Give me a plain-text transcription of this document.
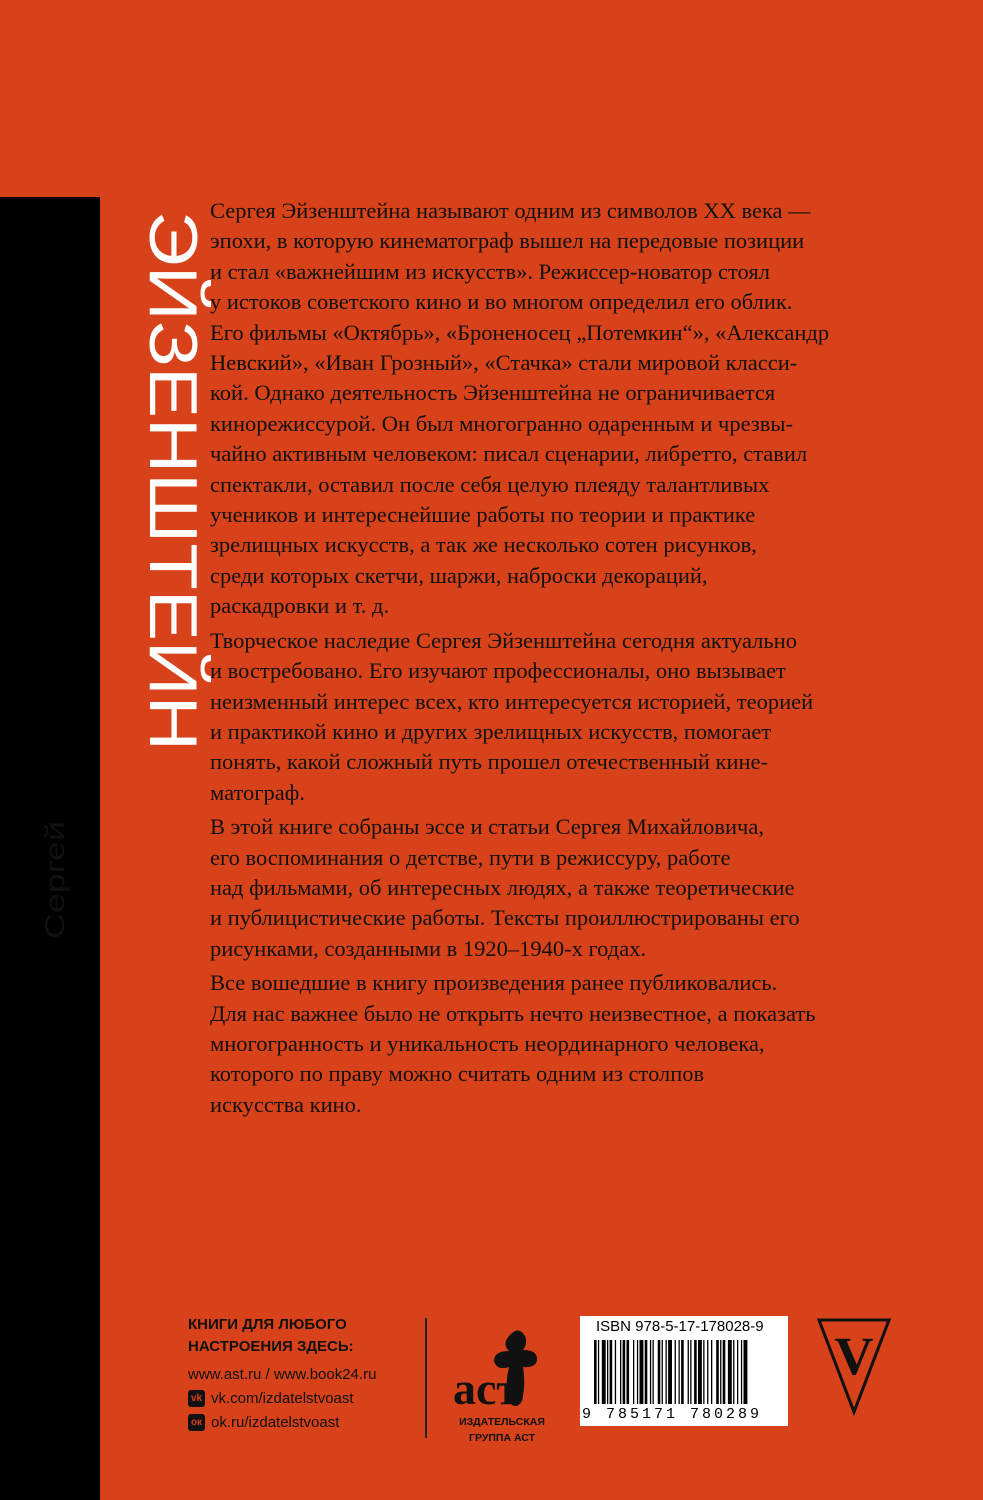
ЭЙЗЕНШТЕЙН
Сергей

Сергея Эйзенштейна называют одним из символов XX века —
эпохи, в которую кинематограф вышел на передовые позиции
и стал «важнейшим из искусств». Режиссер-новатор стоял
у истоков советского кино и во многом определил его облик.
Его фильмы «Октябрь», «Броненосец „Потемкин“», «Александр
Невский», «Иван Грозный», «Стачка» стали мировой класси-
кой. Однако деятельность Эйзенштейна не ограничивается
кинорежиссурой. Он был многогранно одаренным и чрезвы-
чайно активным человеком: писал сценарии, либретто, ставил
спектакли, оставил после себя целую плеяду талантливых
учеников и интереснейшие работы по теории и практике
зрелищных искусств, а так же несколько сотен рисунков,
среди которых скетчи, шаржи, наброски декораций,
раскадровки и т. д.

Творческое наследие Сергея Эйзенштейна сегодня актуально
и востребовано. Его изучают профессионалы, оно вызывает
неизменный интерес всех, кто интересуется историей, теорией
и практикой кино и других зрелищных искусств, помогает
понять, какой сложный путь прошел отечественный кине-
матограф.

В этой книге собраны эссе и статьи Сергея Михайловича,
его воспоминания о детстве, пути в режиссуру, работе
над фильмами, об интересных людях, а также теоретические
и публицистические работы. Тексты проиллюстрированы его
рисунками, созданными в 1920–1940-х годах.

Все вошедшие в книгу произведения ранее публиковались.
Для нас важнее было не открыть нечто неизвестное, а показать
многогранность и уникальность неординарного человека,
которого по праву можно считать одним из столпов
искусства кино.

КНИГИ ДЛЯ ЛЮБОГО
НАСТРОЕНИЯ ЗДЕСЬ:
www.ast.ru / www.book24.ru
vk vk.com/izdatelstvoast
ок ok.ru/izdatelstvoast
аст
ИЗДАТЕЛЬСКАЯ
ГРУППА АСТ
ISBN 978-5-17-178028-9
9 785171 780289
V
